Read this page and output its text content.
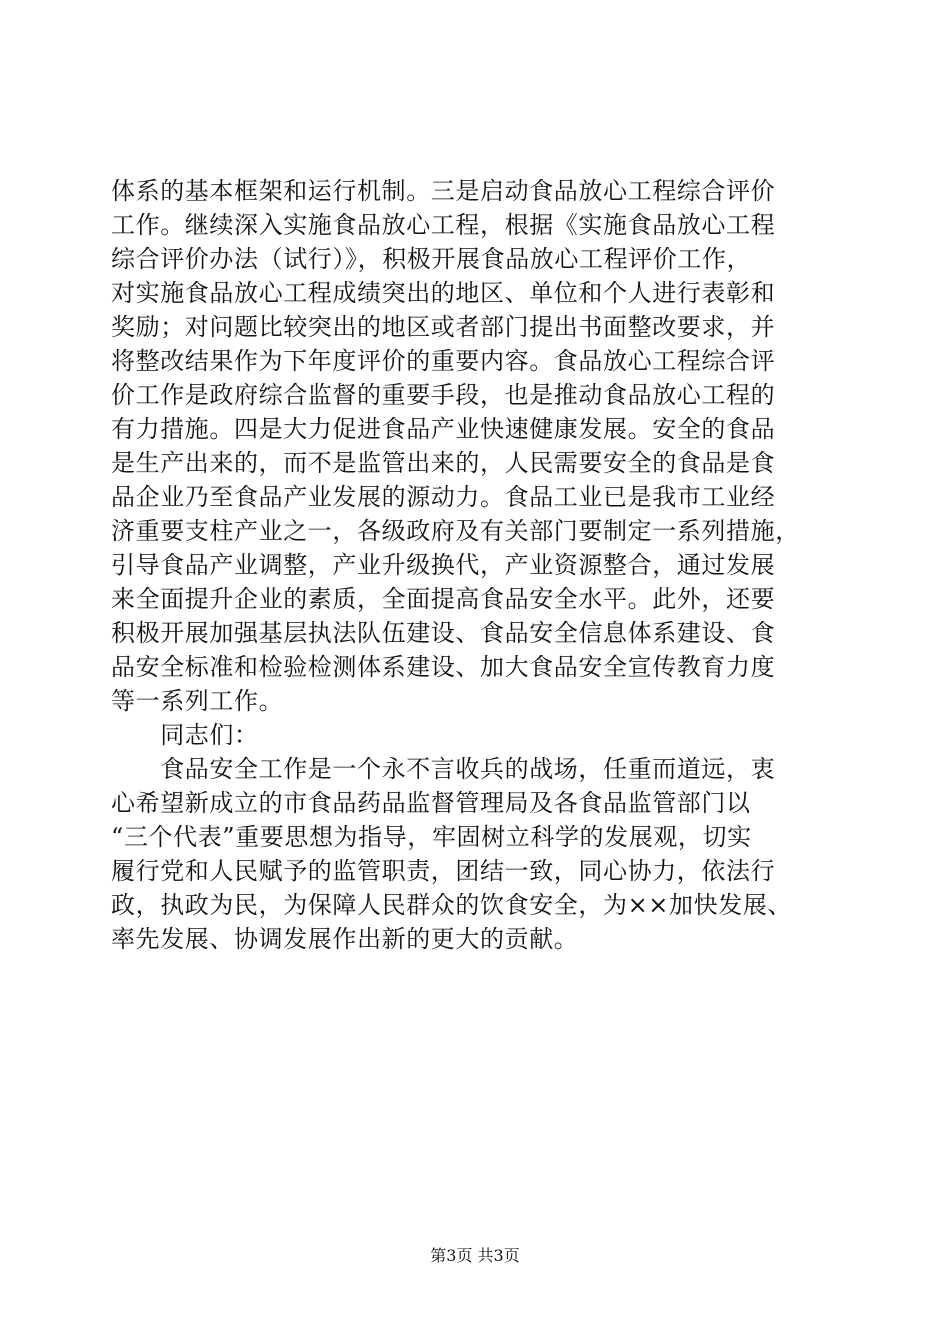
体系的基本框架和运行机制。三是启动食品放心工程综合评价
工作。继续深入实施食品放心工程，根据《实施食品放心工程
综合评价办法（试行）》，积极开展食品放心工程评价工作，
对实施食品放心工程成绩突出的地区、单位和个人进行表彰和
奖励；对问题比较突出的地区或者部门提出书面整改要求，并
将整改结果作为下年度评价的重要内容。食品放心工程综合评
价工作是政府综合监督的重要手段，也是推动食品放心工程的
有力措施。四是大力促进食品产业快速健康发展。安全的食品
是生产出来的，而不是监管出来的，人民需要安全的食品是食
品企业乃至食品产业发展的源动力。食品工业已是我市工业经
济重要支柱产业之一，各级政府及有关部门要制定一系列措施，
引导食品产业调整，产业升级换代，产业资源整合，通过发展
来全面提升企业的素质，全面提高食品安全水平。此外，还要
积极开展加强基层执法队伍建设、食品安全信息体系建设、食
品安全标准和检验检测体系建设、加大食品安全宣传教育力度
等一系列工作。
　　同志们：
　　食品安全工作是一个永不言收兵的战场，任重而道远，衷
心希望新成立的市食品药品监督管理局及各食品监管部门以
“三个代表”重要思想为指导，牢固树立科学的发展观，切实
履行党和人民赋予的监管职责，团结一致，同心协力，依法行
政，执政为民，为保障人民群众的饮食安全，为××加快发展、
率先发展、协调发展作出新的更大的贡献。
第3页 共3页
